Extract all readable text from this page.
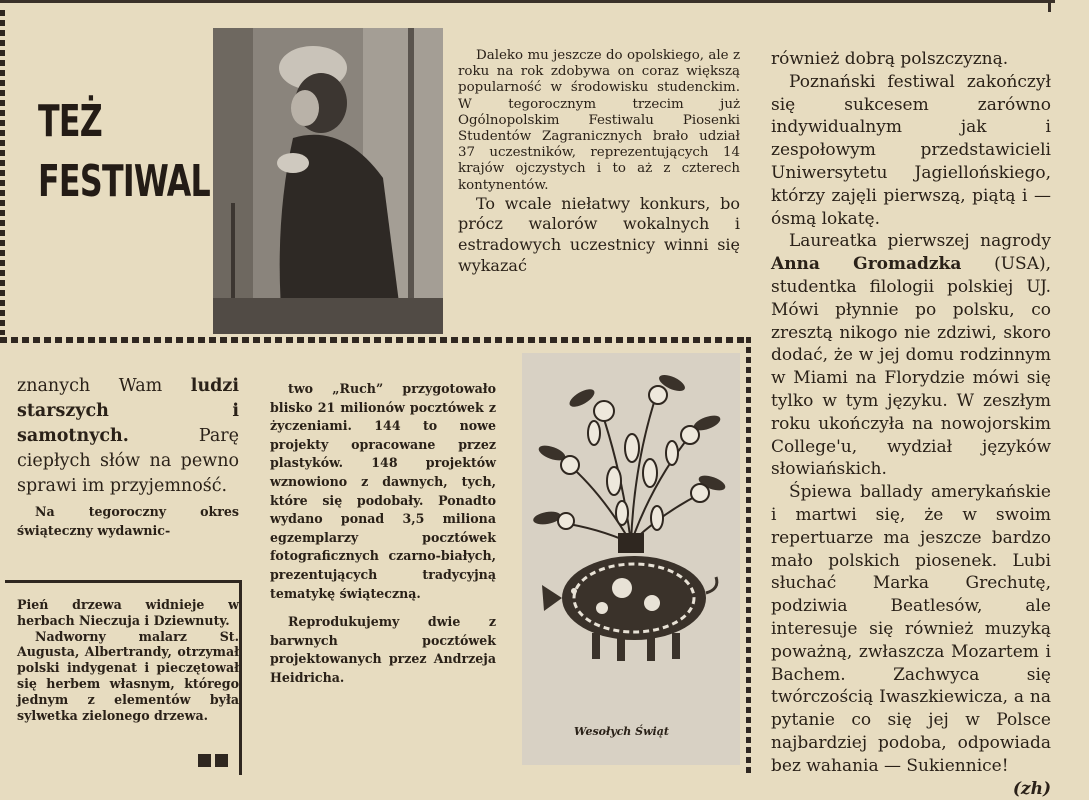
TEŻ
FESTIWAL

Daleko mu jeszcze do opolskiego, ale z roku na rok zdobywa on coraz większą popularność w środowisku studenckim. W tegorocznym trzecim już Ogólnopolskim Festiwalu Piosenki Studentów Zagranicznych brało udział 37 uczestników, reprezentujących 14 krajów ojczystych i to aż z czterech kontynentów.

To wcale niełatwy konkurs, bo prócz walorów wokalnych i estradowych uczestnicy winni się wykazać

również dobrą polszczyzną.

Poznański festiwal zakończył się sukcesem zarówno indywidualnym jak i zespołowym przedstawicieli Uniwersytetu Jagiellońskiego, którzy zajęli pierwszą, piątą i — ósmą lokatę.

Laureatka pierwszej nagrody Anna Gromadzka (USA), studentka filologii polskiej UJ. Mówi płynnie po polsku, co zresztą nikogo nie zdziwi, skoro dodać, że w jej domu rodzinnym w Miami na Florydzie mówi się tylko w tym języku. W zeszłym roku ukończyła na nowojorskim College'u, wydział języków słowiańskich.

Śpiewa ballady amerykańskie i martwi się, że w swoim repertuarze ma jeszcze bardzo mało polskich piosenek. Lubi słuchać Marka Grechutę, podziwia Beatlesów, ale interesuje się również muzyką poważną, zwłaszcza Mozartem i Bachem. Zachwyca się twórczością Iwaszkiewicza, a na pytanie co się jej w Polsce najbardziej podoba, odpowiada bez wahania — Sukiennice!
(zh)

znanych Wam ludzi starszych i samotnych. Parę ciepłych słów na pewno sprawi im przyjemność.

Na tegoroczny okres świąteczny wydawnic-

Pień drzewa widnieje w herbach Nieczuja i Dziewnuty.

Nadworny malarz St. Augusta, Albertrandy, otrzymał polski indygenat i pieczętował się herbem własnym, którego jednym z elementów była sylwetka zielonego drzewa.

two „Ruch” przygotowało blisko 21 milionów pocztówek z życzeniami. 144 to nowe projekty opracowane przez plastyków. 148 projektów wznowiono z dawnych, tych, które się podobały. Ponadto wydano ponad 3,5 miliona egzemplarzy pocztówek fotograficznych czarno-białych, prezentujących tradycyjną tematykę świąteczną.

Reprodukujemy dwie z barwnych pocztówek projektowanych przez Andrzeja Heidricha.

Wesołych Świąt
